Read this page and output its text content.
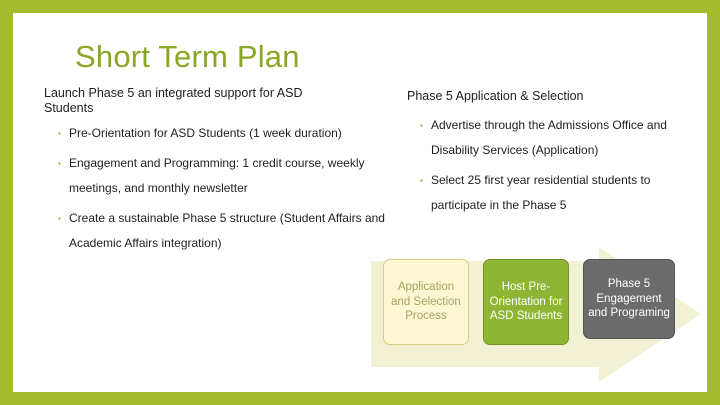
Short Term Plan
Launch Phase 5 an integrated support for ASD Students
▪ Pre-Orientation for ASD Students (1 week duration)
▪ Engagement and Programming: 1 credit course, weekly meetings, and monthly newsletter
▪ Create a sustainable Phase 5 structure (Student Affairs and Academic Affairs integration)
Phase 5 Application & Selection
▪ Advertise through the Admissions Office and Disability Services (Application)
▪ Select 25 first year residential students to participate in the Phase 5
Application and Selection Process
Host Pre-Orientation for ASD Students
Phase 5 Engagement and Programing
